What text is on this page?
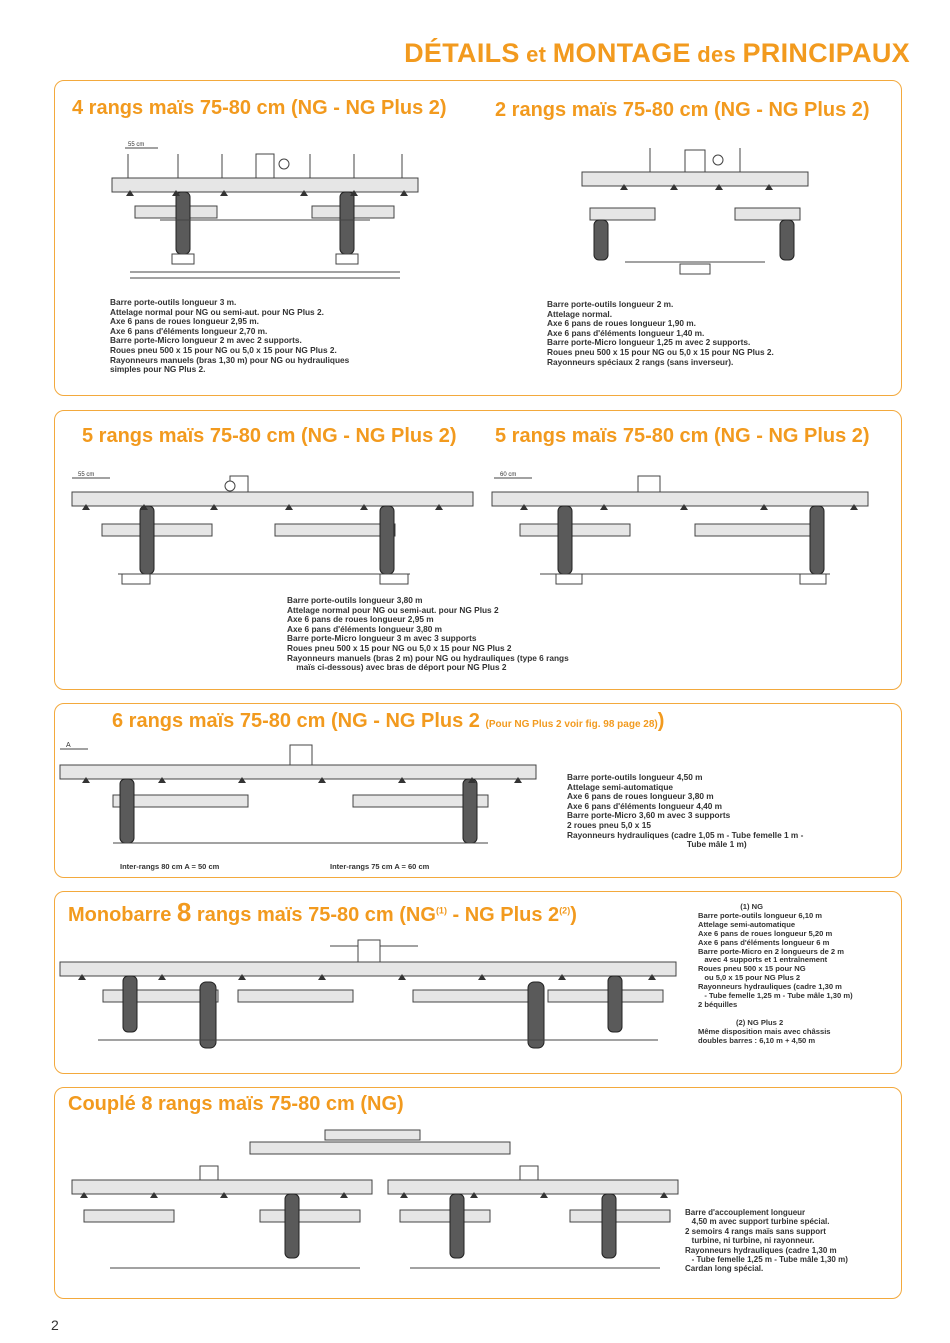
DÉTAILS et MONTAGE des PRINCIPAUX
4 rangs maïs 75-80 cm (NG - NG Plus 2) 2 rangs maïs 75-80 cm (NG - NG Plus 2)
55 cm
Barre porte-outils longueur 3 m.
Attelage normal pour NG ou semi-aut. pour NG Plus 2.
Axe 6 pans de roues longueur 2,95 m.
Axe 6 pans d'éléments longueur 2,70 m.
Barre porte-Micro longueur 2 m avec 2 supports.
Roues pneu 500 x 15 pour NG ou 5,0 x 15 pour NG Plus 2.
Rayonneurs manuels (bras 1,30 m) pour NG ou hydrauliques
simples pour NG Plus 2.
Barre porte-outils longueur 2 m.
Attelage normal.
Axe 6 pans de roues longueur 1,90 m.
Axe 6 pans d'éléments longueur 1,40 m.
Barre porte-Micro longueur 1,25 m avec 2 supports.
Roues pneu 500 x 15 pour NG ou 5,0 x 15 pour NG Plus 2.
Rayonneurs spéciaux 2 rangs (sans inverseur).
5 rangs maïs 75-80 cm (NG - NG Plus 2) 5 rangs maïs 75-80 cm (NG - NG Plus 2)
55 cm	60 cm
Barre porte-outils longueur 3,80 m
Attelage normal pour NG ou semi-aut. pour NG Plus 2
Axe 6 pans de roues longueur 2,95 m
Axe 6 pans d'éléments longueur 3,80 m
Barre porte-Micro longueur 3 m avec 3 supports
Roues pneu 500 x 15 pour NG ou 5,0 x 15 pour NG Plus 2
Rayonneurs manuels (bras 2 m) pour NG ou hydrauliques (type 6 rangs
maïs ci-dessous) avec bras de déport pour NG Plus 2
6 rangs maïs 75-80 cm (NG - NG Plus 2 (Pour NG Plus 2 voir fig. 98 page 28))
A
Inter-rangs 80 cm A = 50 cm	Inter-rangs 75 cm A = 60 cm
Barre porte-outils longueur 4,50 m
Attelage semi-automatique
Axe 6 pans de roues longueur 3,80 m
Axe 6 pans d'éléments longueur 4,40 m
Barre porte-Micro 3,60 m avec 3 supports
2 roues pneu 5,0 x 15
Rayonneurs hydrauliques (cadre 1,05 m - Tube femelle 1 m -
Tube mâle 1 m)
Monobarre 8 rangs maïs 75-80 cm (NG$^{(1)}$ - NG Plus 2$^{(2)}$)	(1) NG
Barre porte-outils longueur 6,10 m
Attelage semi-automatique
Axe 6 pans de roues longueur 5,20 m
Axe 6 pans d'éléments longueur 6 m
Barre porte-Micro en 2 longueurs de 2 m
avec 4 supports et 1 entraînement
Roues pneu 500 x 15 pour NG
ou 5,0 x 15 pour NG Plus 2
Rayonneurs hydrauliques (cadre 1,30 m
- Tube femelle 1,25 m - Tube mâle 1,30 m)
2 béquilles

(2) NG Plus 2
Même disposition mais avec châssis
doubles barres : 6,10 m + 4,50 m
Couplé 8 rangs maïs 75-80 cm (NG)
Barre d'accouplement longueur
4,50 m avec support turbine spécial.
2 semoirs 4 rangs maïs sans support
turbine, ni turbine, ni rayonneur.
Rayonneurs hydrauliques (cadre 1,30 m
- Tube femelle 1,25 m - Tube mâle 1,30 m)
Cardan long spécial.
2
